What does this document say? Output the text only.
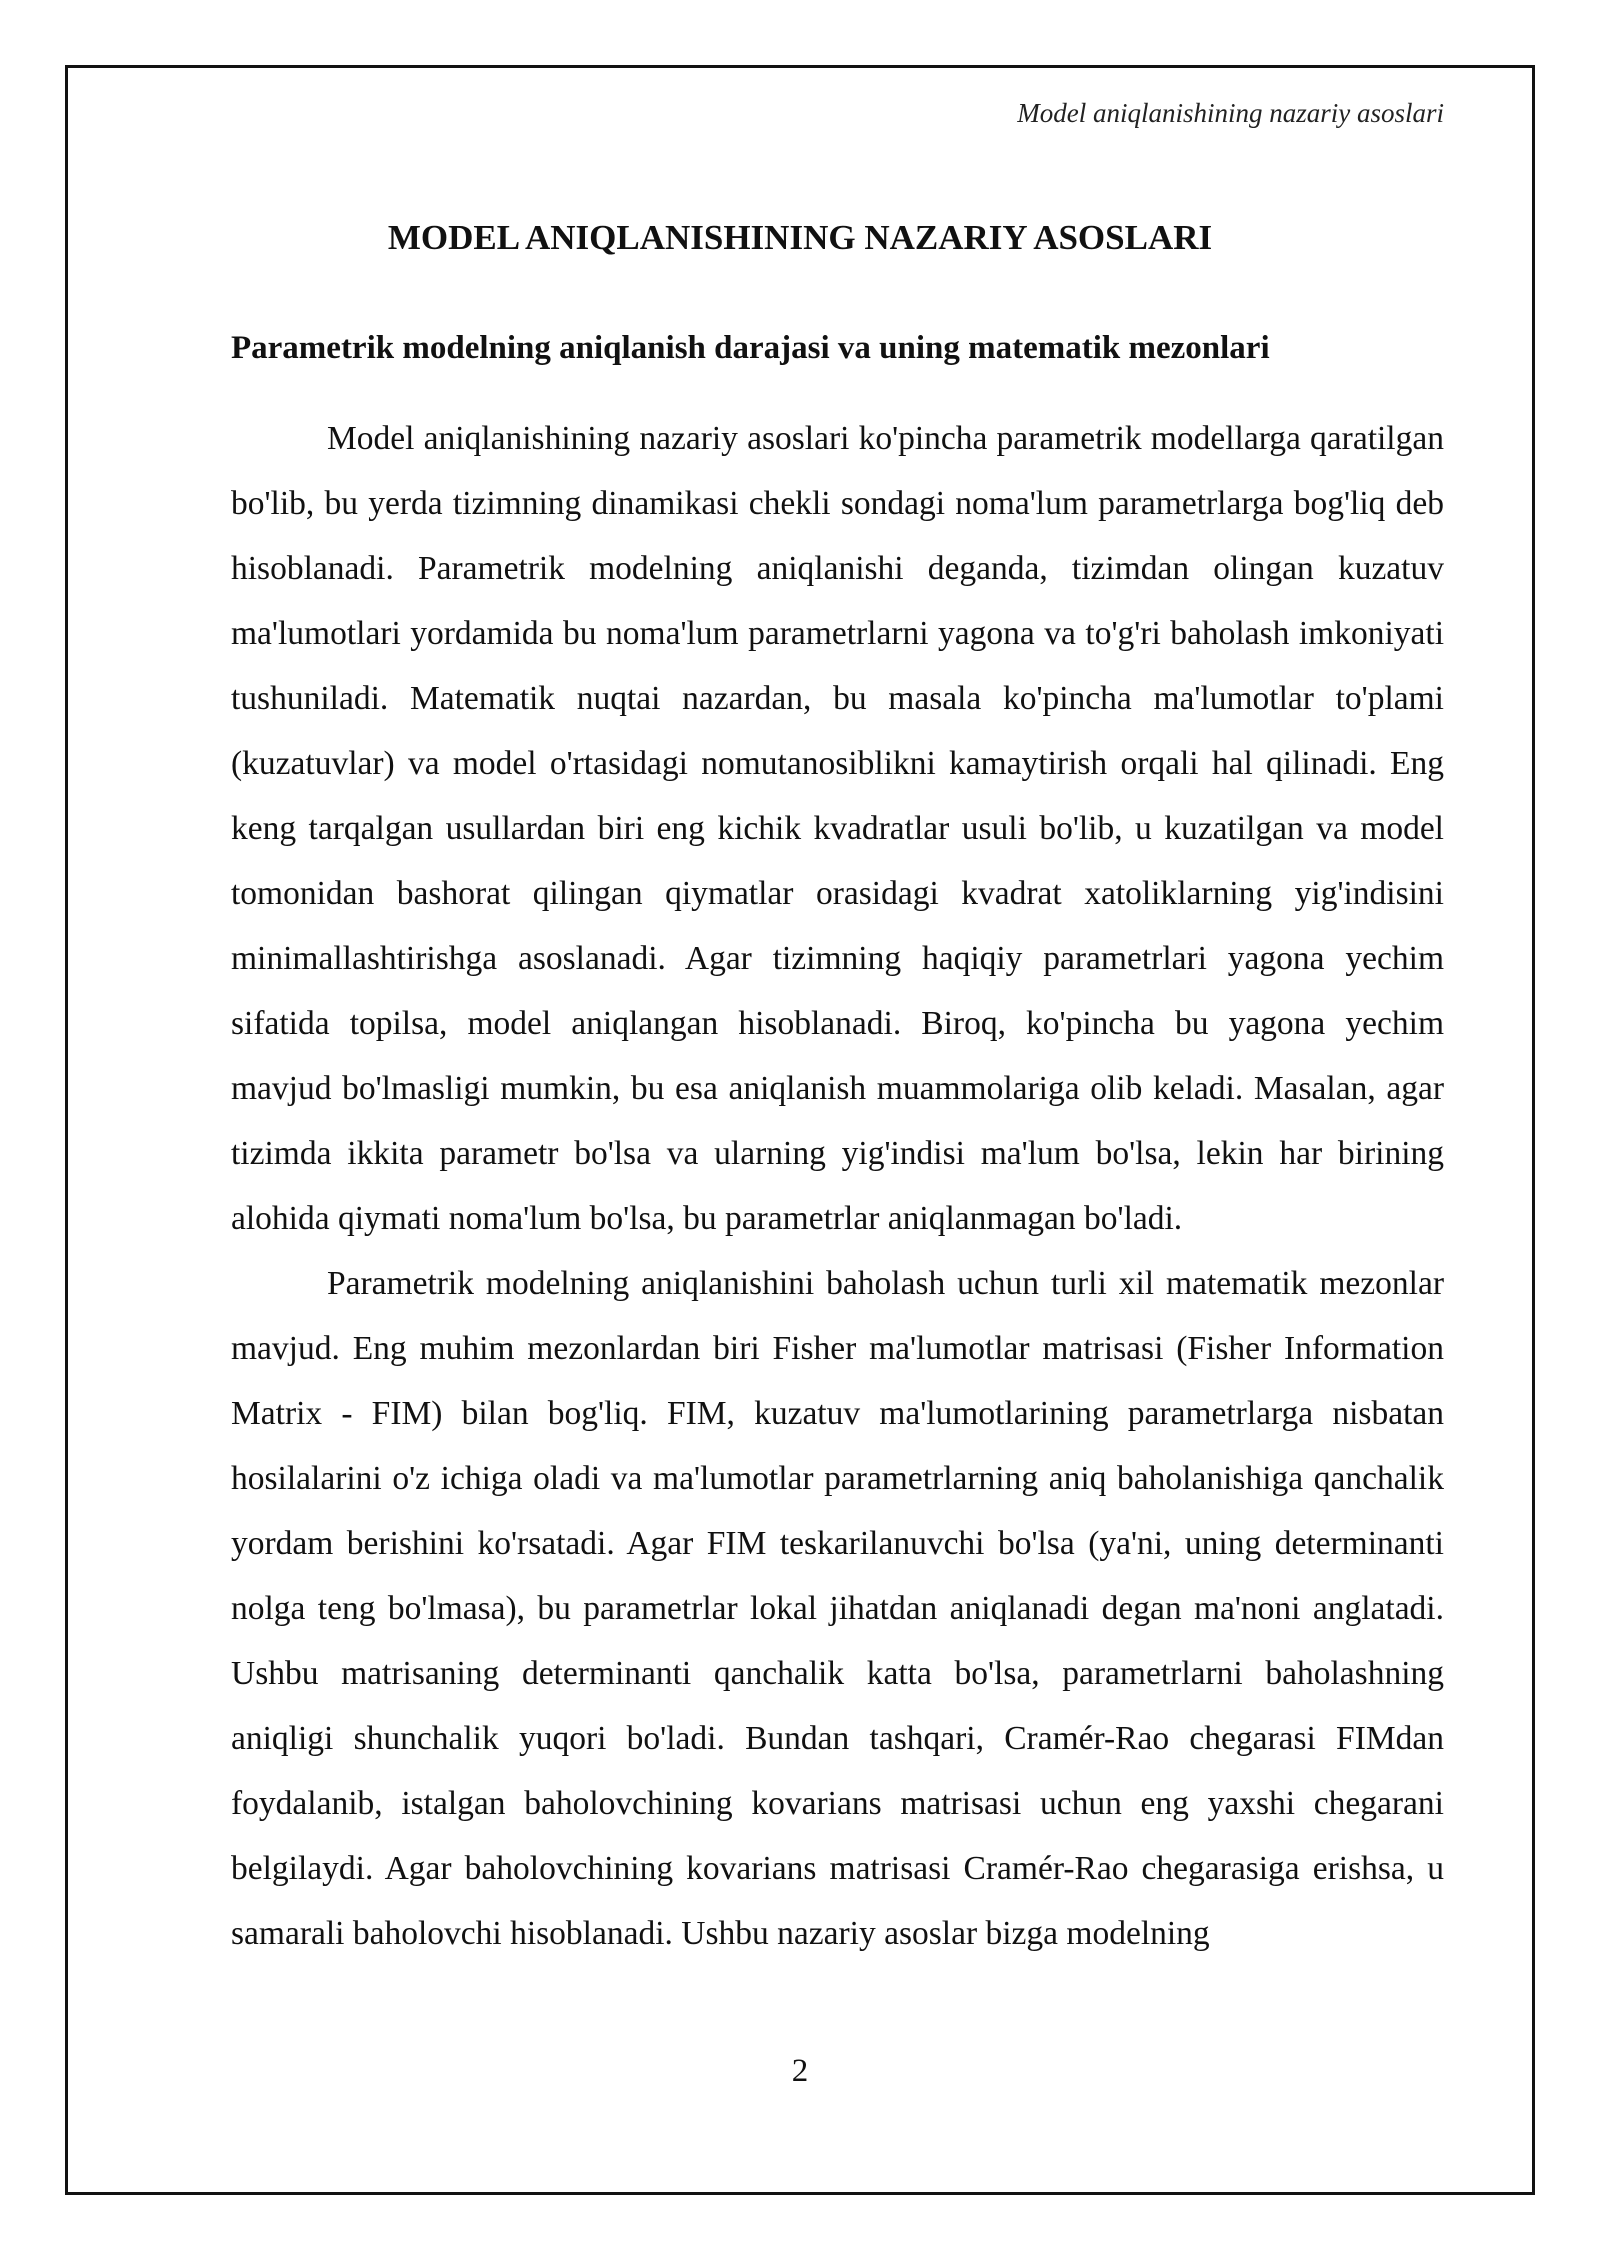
Model aniqlanishining nazariy asoslari
MODEL ANIQLANISHINING NAZARIY ASOSLARI
Parametrik modelning aniqlanish darajasi va uning matematik mezonlari

Model aniqlanishining nazariy asoslari ko'pincha parametrik modellarga qaratilgan bo'lib, bu yerda tizimning dinamikasi chekli sondagi noma'lum parametrlarga bog'liq deb hisoblanadi. Parametrik modelning aniqlanishi deganda, tizimdan olingan kuzatuv ma'lumotlari yordamida bu noma'lum parametrlarni yagona va to'g'ri baholash imkoniyati tushuniladi. Matematik nuqtai nazardan, bu masala ko'pincha ma'lumotlar to'plami (kuzatuvlar) va model o'rtasidagi nomutanosiblikni kamaytirish orqali hal qilinadi. Eng keng tarqalgan usullardan biri eng kichik kvadratlar usuli bo'lib, u kuzatilgan va model tomonidan bashorat qilingan qiymatlar orasidagi kvadrat xatoliklarning yig'indisini minimallashtirishga asoslanadi. Agar tizimning haqiqiy parametrlari yagona yechim sifatida topilsa, model aniqlangan hisoblanadi. Biroq, ko'pincha bu yagona yechim mavjud bo'lmasligi mumkin, bu esa aniqlanish muammolariga olib keladi. Masalan, agar tizimda ikkita parametr bo'lsa va ularning yig'indisi ma'lum bo'lsa, lekin har birining alohida qiymati noma'lum bo'lsa, bu parametrlar aniqlanmagan bo'ladi.

Parametrik modelning aniqlanishini baholash uchun turli xil matematik mezonlar mavjud. Eng muhim mezonlardan biri Fisher ma'lumotlar matrisasi (Fisher Information Matrix - FIM) bilan bog'liq. FIM, kuzatuv ma'lumotlarining parametrlarga nisbatan hosilalarini o'z ichiga oladi va ma'lumotlar parametrlarning aniq baholanishiga qanchalik yordam berishini ko'rsatadi. Agar FIM teskarilanuvchi bo'lsa (ya'ni, uning determinanti nolga teng bo'lmasa), bu parametrlar lokal jihatdan aniqlanadi degan ma'noni anglatadi. Ushbu matrisaning determinanti qanchalik katta bo'lsa, parametrlarni baholashning aniqligi shunchalik yuqori bo'ladi. Bundan tashqari, Cramér-Rao chegarasi FIMdan foydalanib, istalgan baholovchining kovarians matrisasi uchun eng yaxshi chegarani belgilaydi. Agar baholovchining kovarians matrisasi Cramér-Rao chegarasiga erishsa, u samarali baholovchi hisoblanadi. Ushbu nazariy asoslar bizga modelning

2
